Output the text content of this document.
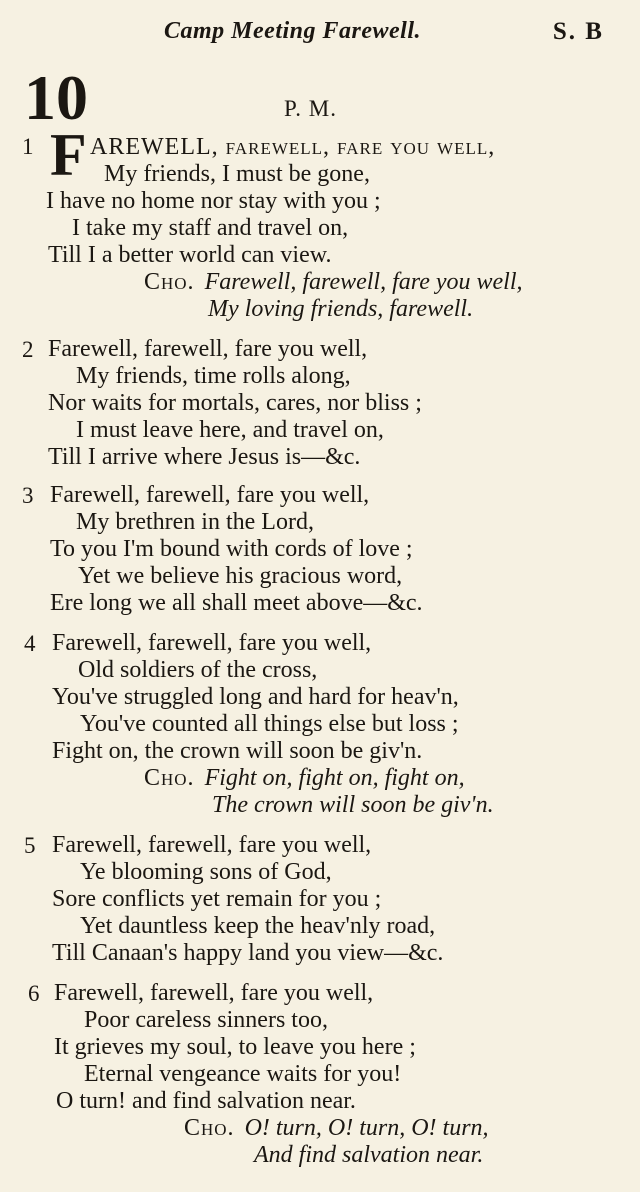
Camp Meeting Farewell.	S. B
10	P. M.
1 F AREWELL, farewell, fare you well,
My friends, I must be gone,
I have no home nor stay with you ;
I take my staff and travel on,
Till I a better world can view.
Cho. Farewell, farewell, fare you well,
My loving friends, farewell.
2 Farewell, farewell, fare you well,
My friends, time rolls along,
Nor waits for mortals, cares, nor bliss ;
I must leave here, and travel on,
Till I arrive where Jesus is—&c.
3 Farewell, farewell, fare you well,
My brethren in the Lord,
To you I'm bound with cords of love ;
Yet we believe his gracious word,
Ere long we all shall meet above—&c.
4 Farewell, farewell, fare you well,
Old soldiers of the cross,
You've struggled long and hard for heav'n,
You've counted all things else but loss ;
Fight on, the crown will soon be giv'n.
Cho. Fight on, fight on, fight on,
The crown will soon be giv'n.
5 Farewell, farewell, fare you well,
Ye blooming sons of God,
Sore conflicts yet remain for you ;
Yet dauntless keep the heav'nly road,
Till Canaan's happy land you view—&c.
6 Farewell, farewell, fare you well,
Poor careless sinners too,
It grieves my soul, to leave you here ;
Eternal vengeance waits for you!
O turn! and find salvation near.
Cho. O! turn, O! turn, O! turn,
And find salvation near.
